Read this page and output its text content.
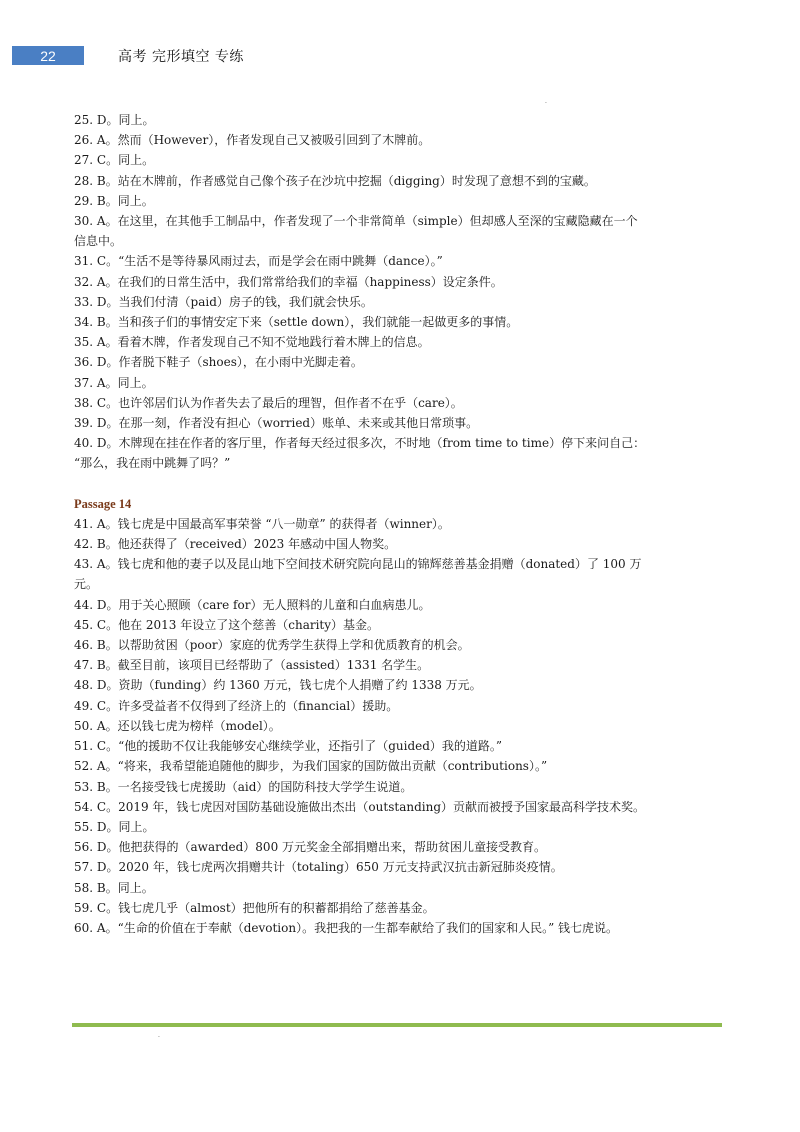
22	高考 完形填空 专练
.
25. D。同上。
26. A。然而（However），作者发现自己又被吸引回到了木牌前。
27. C。同上。
28. B。站在木牌前，作者感觉自己像个孩子在沙坑中挖掘（digging）时发现了意想不到的宝藏。
29. B。同上。
30. A。在这里，在其他手工制品中，作者发现了一个非常简单（simple）但却感人至深的宝藏隐藏在一个
信息中。
31. C。“生活不是等待暴风雨过去，而是学会在雨中跳舞（dance）。”
32. A。在我们的日常生活中，我们常常给我们的幸福（happiness）设定条件。
33. D。当我们付清（paid）房子的钱，我们就会快乐。
34. B。当和孩子们的事情安定下来（settle down），我们就能一起做更多的事情。
35. A。看着木牌，作者发现自己不知不觉地践行着木牌上的信息。
36. D。作者脱下鞋子（shoes），在小雨中光脚走着。
37. A。同上。
38. C。也许邻居们认为作者失去了最后的理智，但作者不在乎（care）。
39. D。在那一刻，作者没有担心（worried）账单、未来或其他日常琐事。
40. D。木牌现在挂在作者的客厅里，作者每天经过很多次，不时地（from time to time）停下来问自己：
“那么，我在雨中跳舞了吗？”
Passage 14
41. A。钱七虎是中国最高军事荣誉 “八一勋章” 的获得者（winner）。
42. B。他还获得了（received）2023 年感动中国人物奖。
43. A。钱七虎和他的妻子以及昆山地下空间技术研究院向昆山的锦辉慈善基金捐赠（donated）了 100 万
元。
44. D。用于关心照顾（care for）无人照料的儿童和白血病患儿。
45. C。他在 2013 年设立了这个慈善（charity）基金。
46. B。以帮助贫困（poor）家庭的优秀学生获得上学和优质教育的机会。
47. B。截至目前，该项目已经帮助了（assisted）1331 名学生。
48. D。资助（funding）约 1360 万元，钱七虎个人捐赠了约 1338 万元。
49. C。许多受益者不仅得到了经济上的（financial）援助。
50. A。还以钱七虎为榜样（model）。
51. C。“他的援助不仅让我能够安心继续学业，还指引了（guided）我的道路。”
52. A。“将来，我希望能追随他的脚步，为我们国家的国防做出贡献（contributions）。”
53. B。一名接受钱七虎援助（aid）的国防科技大学学生说道。
54. C。2019 年，钱七虎因对国防基础设施做出杰出（outstanding）贡献而被授予国家最高科学技术奖。
55. D。同上。
56. D。他把获得的（awarded）800 万元奖金全部捐赠出来，帮助贫困儿童接受教育。
57. D。2020 年，钱七虎两次捐赠共计（totaling）650 万元支持武汉抗击新冠肺炎疫情。
58. B。同上。
59. C。钱七虎几乎（almost）把他所有的积蓄都捐给了慈善基金。
60. A。“生命的价值在于奉献（devotion）。我把我的一生都奉献给了我们的国家和人民。” 钱七虎说。
.
